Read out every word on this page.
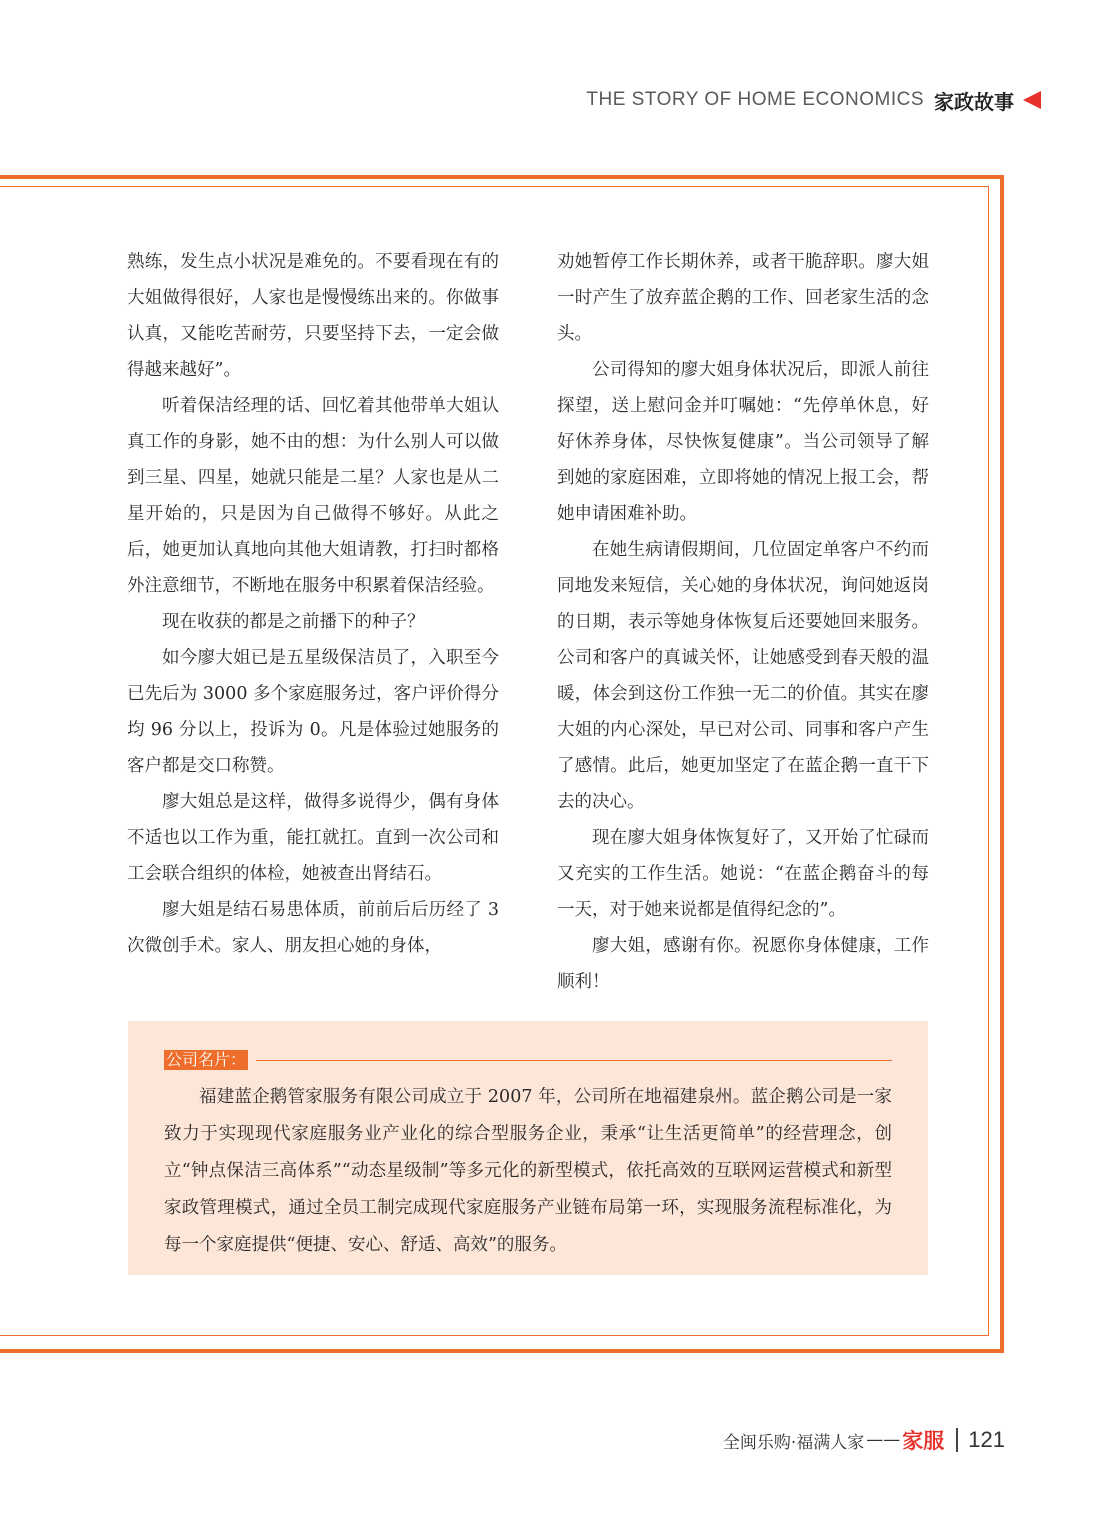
THE STORY OF HOME ECONOMICS 家政故事

熟练，发生点小状况是难免的。不要看现在有的大姐做得很好，人家也是慢慢练出来的。你做事认真，又能吃苦耐劳，只要坚持下去，一定会做得越来越好”。

听着保洁经理的话、回忆着其他带单大姐认真工作的身影，她不由的想：为什么别人可以做到三星、四星，她就只能是二星？人家也是从二星开始的，只是因为自己做得不够好。从此之后，她更加认真地向其他大姐请教，打扫时都格外注意细节，不断地在服务中积累着保洁经验。

现在收获的都是之前播下的种子？

如今廖大姐已是五星级保洁员了，入职至今已先后为 3000 多个家庭服务过，客户评价得分均 96 分以上，投诉为 0。凡是体验过她服务的客户都是交口称赞。

廖大姐总是这样，做得多说得少，偶有身体不适也以工作为重，能扛就扛。直到一次公司和工会联合组织的体检，她被查出肾结石。

廖大姐是结石易患体质，前前后后历经了 3 次微创手术。家人、朋友担心她的身体，

劝她暂停工作长期休养，或者干脆辞职。廖大姐一时产生了放弃蓝企鹅的工作、回老家生活的念头。

公司得知的廖大姐身体状况后，即派人前往探望，送上慰问金并叮嘱她：“先停单休息，好好休养身体，尽快恢复健康”。当公司领导了解到她的家庭困难，立即将她的情况上报工会，帮她申请困难补助。

在她生病请假期间，几位固定单客户不约而同地发来短信，关心她的身体状况，询问她返岗的日期，表示等她身体恢复后还要她回来服务。公司和客户的真诚关怀，让她感受到春天般的温暖，体会到这份工作独一无二的价值。其实在廖大姐的内心深处，早已对公司、同事和客户产生了感情。此后，她更加坚定了在蓝企鹅一直干下去的决心。

现在廖大姐身体恢复好了，又开始了忙碌而又充实的工作生活。她说：“在蓝企鹅奋斗的每一天，对于她来说都是值得纪念的”。

廖大姐，感谢有你。祝愿你身体健康，工作顺利！

公司名片：
福建蓝企鹅管家服务有限公司成立于 2007 年，公司所在地福建泉州。蓝企鹅公司是一家致力于实现现代家庭服务业产业化的综合型服务企业，秉承“让生活更简单”的经营理念，创立“钟点保洁三高体系”“动态星级制”等多元化的新型模式，依托高效的互联网运营模式和新型家政管理模式，通过全员工制完成现代家庭服务产业链布局第一环，实现服务流程标准化，为每一个家庭提供“便捷、安心、舒适、高效”的服务。
全闽乐购·福满人家 —— 家服 121
